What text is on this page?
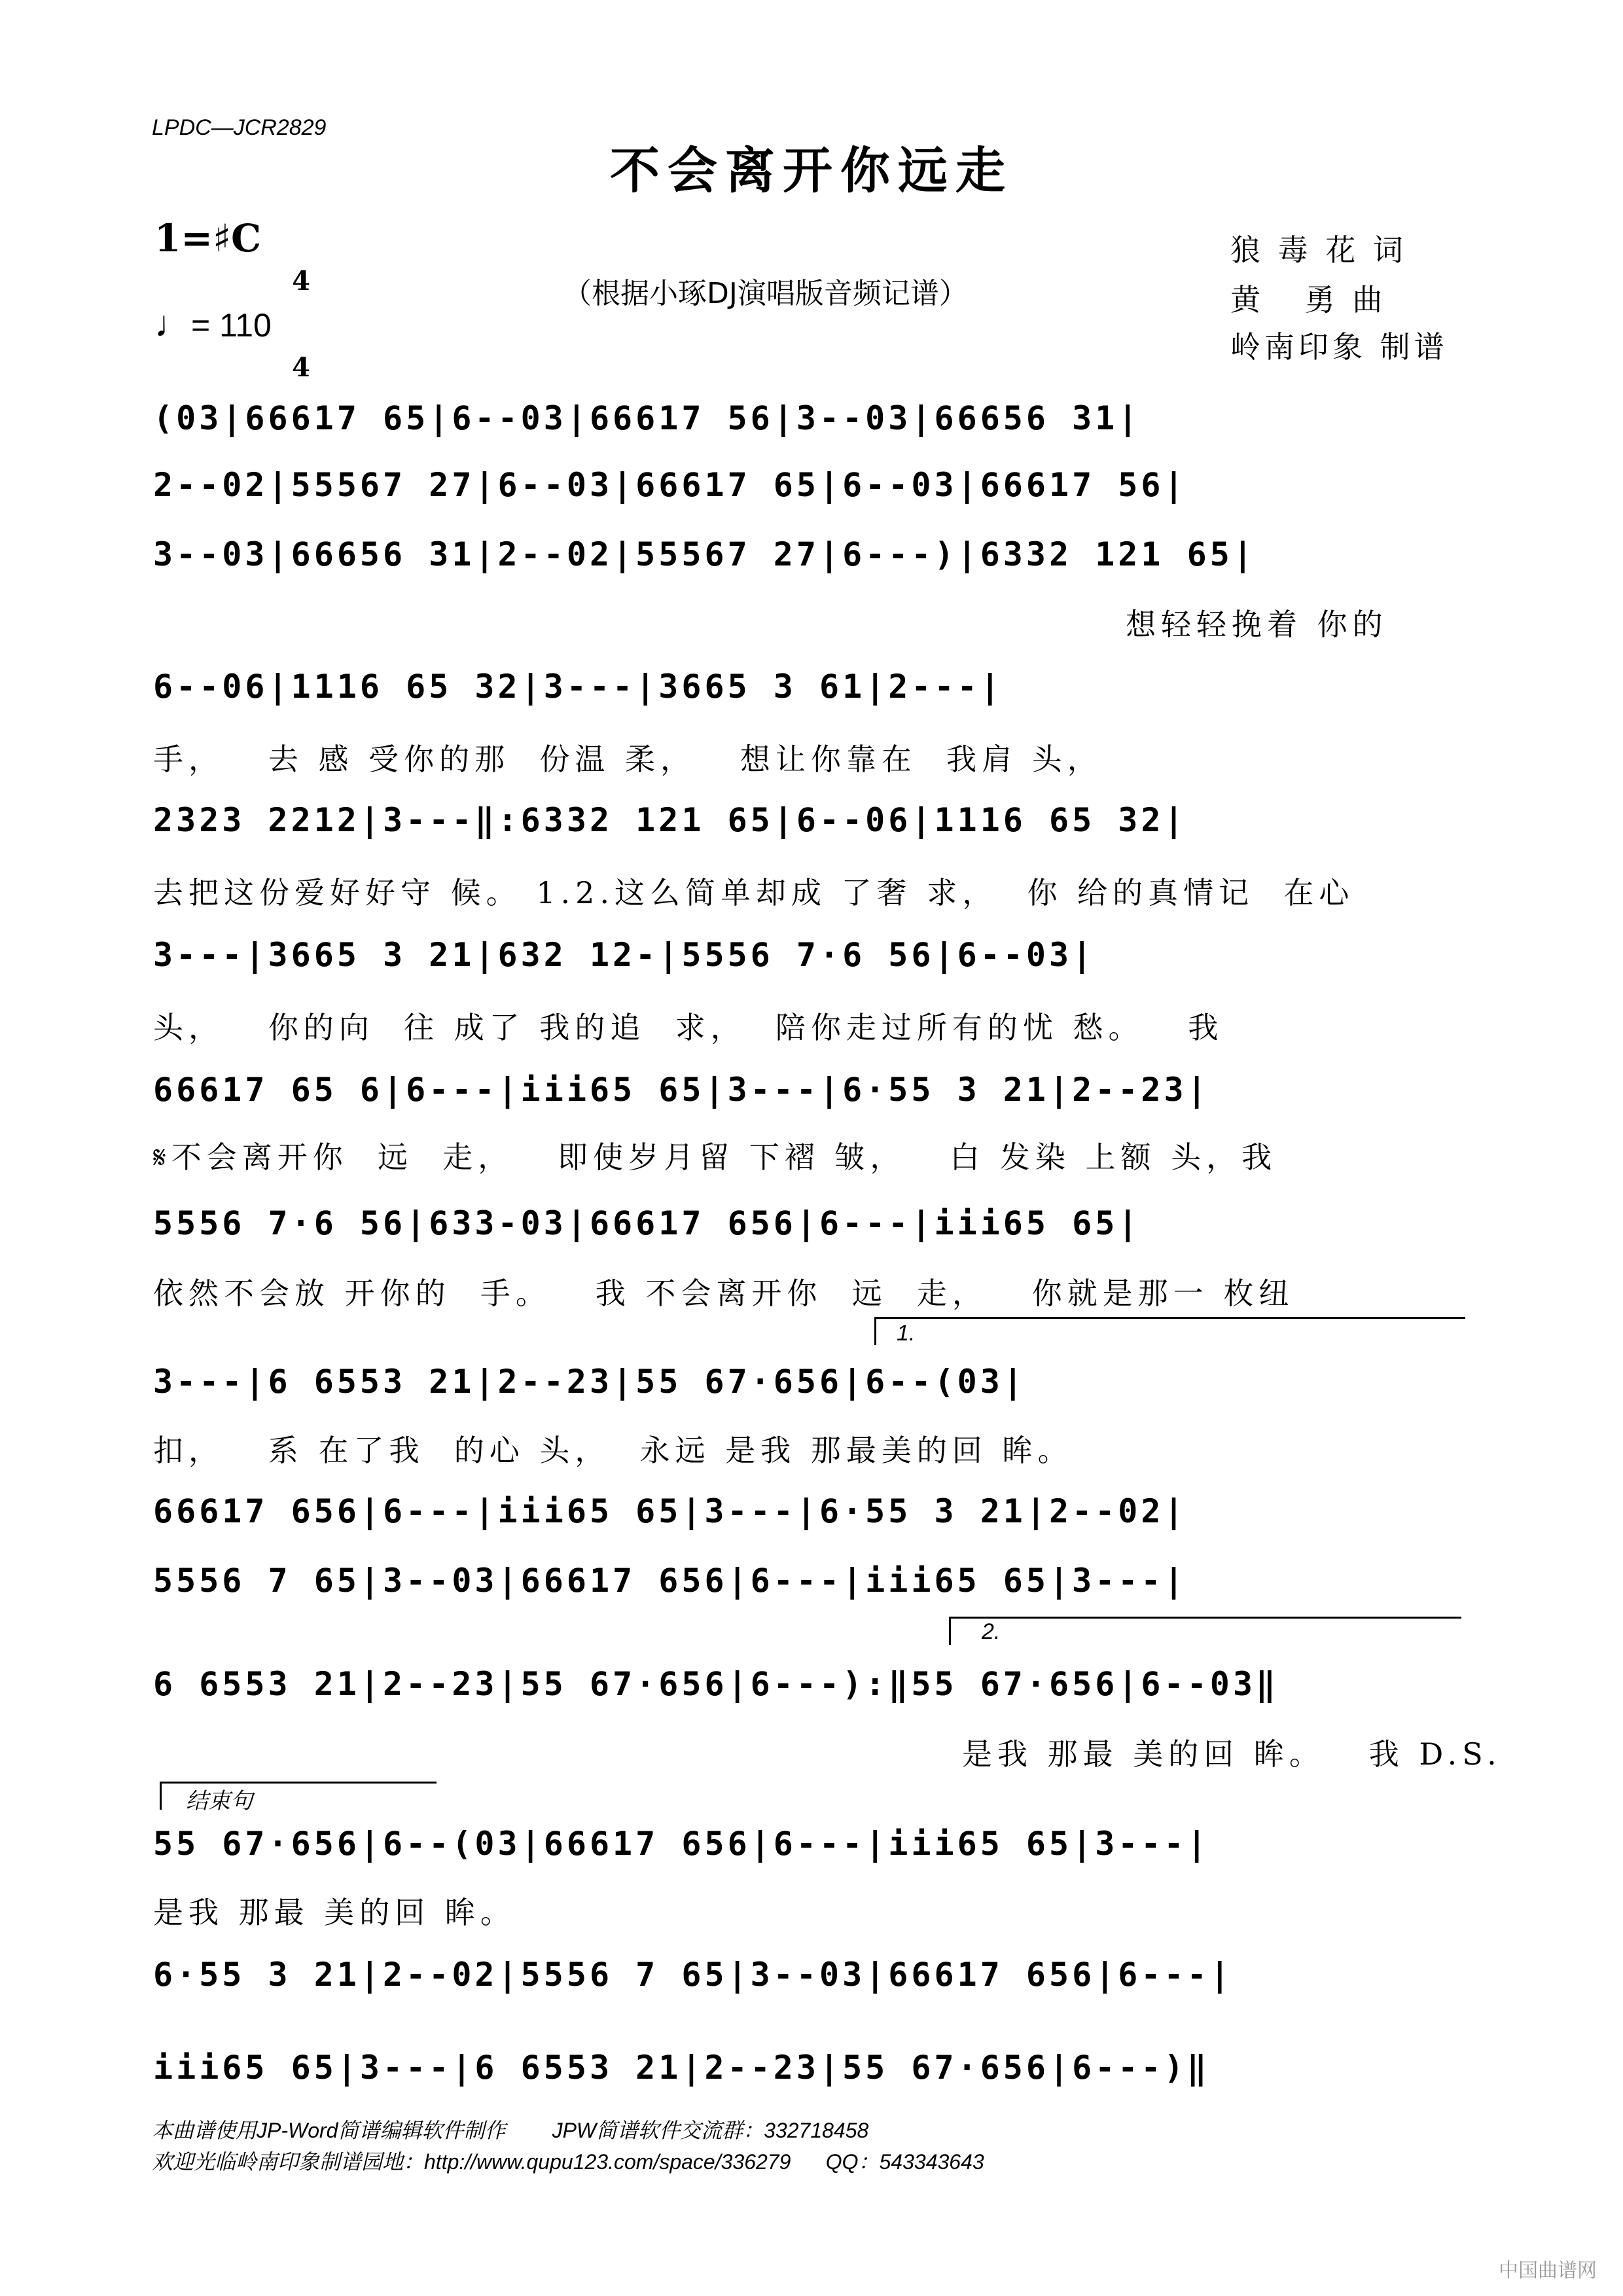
LPDC—JCR2829
不会离开你远走
1=♯C

4

4

♩= 110
（根据小琢DJ演唱版音频记谱）
狼 毒 花 词
黄   勇 曲
岭南印象 制谱
(03|66617 65|6--03|66617 56|3--03|66656 31|
2--02|55567 27|6--03|66617 65|6--03|66617 56|
3--03|66656 31|2--02|55567 27|6---)|6332 121 65|
想轻轻挽着 你的
6--06|1116 65 32|3---|3665 3 61|2---|
手，   去 感 受你的那  份温 柔，   想让你靠在  我肩 头，
2323 2212|3---‖:6332 121 65|6--06|1116 65 32|
去把这份爱好好守 候。 1.2.这么简单却成 了奢 求，  你 给的真情记  在心
3---|3665 3 21|632 12-|5556 7·6 56|6--03|
头，   你的向  往 成了 我的追  求，  陪你走过所有的忧 愁。   我
66617 65 6|6---|iii65 65|3---|6·55 3 21|2--23|
𝄋不会离开你  远  走，   即使岁月留 下褶 皱，   白 发染 上额 头，我
5556 7·6 56|633-03|66617 656|6---|iii65 65|
依然不会放 开你的  手。   我 不会离开你  远  走，   你就是那一 枚纽
1.
3---|6 6553 21|2--23|55 67·656|6--(03|
扣，   系 在了我  的心 头，  永远 是我 那最美的回 眸。
66617 656|6---|iii65 65|3---|6·55 3 21|2--02|
5556 7 65|3--03|66617 656|6---|iii65 65|3---|
2.
6 6553 21|2--23|55 67·656|6---):‖55 67·656|6--03‖
是我 那最 美的回 眸。   我 D.S.
结束句
55 67·656|6--(03|66617 656|6---|iii65 65|3---|
是我 那最 美的回 眸。
6·55 3 21|2--02|5556 7 65|3--03|66617 656|6---|
iii65 65|3---|6 6553 21|2--23|55 67·656|6---)‖
本曲谱使用JP-Word简谱编辑软件制作        JPW简谱软件交流群：332718458
欢迎光临岭南印象制谱园地：http://www.qupu123.com/space/336279      QQ：543343643
中国曲谱网
